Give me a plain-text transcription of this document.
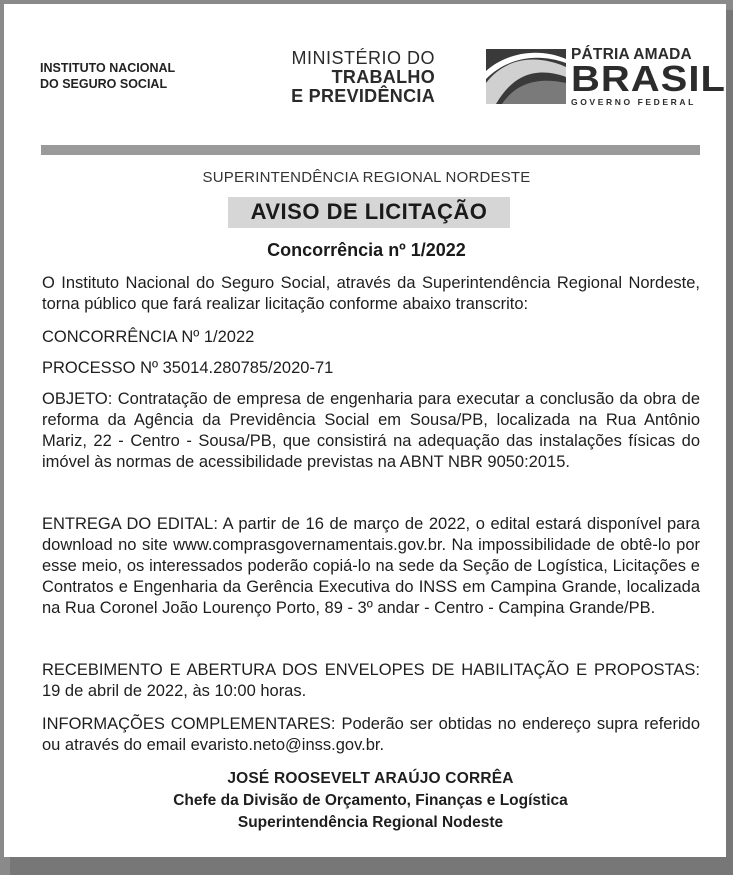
INSTITUTO NACIONAL
DO SEGURO SOCIAL
MINISTÉRIO DO
TRABALHO
E PREVIDÊNCIA
PÁTRIA AMADA
BRASIL
GOVERNO FEDERAL
SUPERINTENDÊNCIA REGIONAL NORDESTE
AVISO DE LICITAÇÃO
Concorrência nº 1/2022
O Instituto Nacional do Seguro Social, através da Superintendência Regional Nordeste, torna público que fará realizar licitação conforme abaixo transcrito:
CONCORRÊNCIA Nº 1/2022
PROCESSO Nº 35014.280785/2020-71
OBJETO: Contratação de empresa de engenharia para executar a conclusão da obra de reforma da Agência da Previdência Social em Sousa/PB, localizada na Rua Antônio Mariz, 22 - Centro - Sousa/PB, que consistirá na adequação das instalações físicas do imóvel às normas de acessibilidade previstas na ABNT NBR 9050:2015.
ENTREGA DO EDITAL: A partir de 16 de março de 2022, o edital estará disponível para download no site www.comprasgovernamentais.gov.br. Na impossibilidade de obtê-lo por esse meio, os interessados poderão copiá-lo na sede da Seção de Logística, Licitações e Contratos e Engenharia da Gerência Executiva do INSS em Campina Grande, localizada na Rua Coronel João Lourenço Porto, 89 - 3º andar - Centro - Campina Grande/PB.
RECEBIMENTO E ABERTURA DOS ENVELOPES DE HABILITAÇÃO E PROPOSTAS: 19 de abril de 2022, às 10:00 horas.
INFORMAÇÕES COMPLEMENTARES: Poderão ser obtidas no endereço supra referido ou através do email evaristo.neto@inss.gov.br.
JOSÉ ROOSEVELT ARAÚJO CORRÊA
Chefe da Divisão de Orçamento, Finanças e Logística
Superintendência Regional Nodeste
